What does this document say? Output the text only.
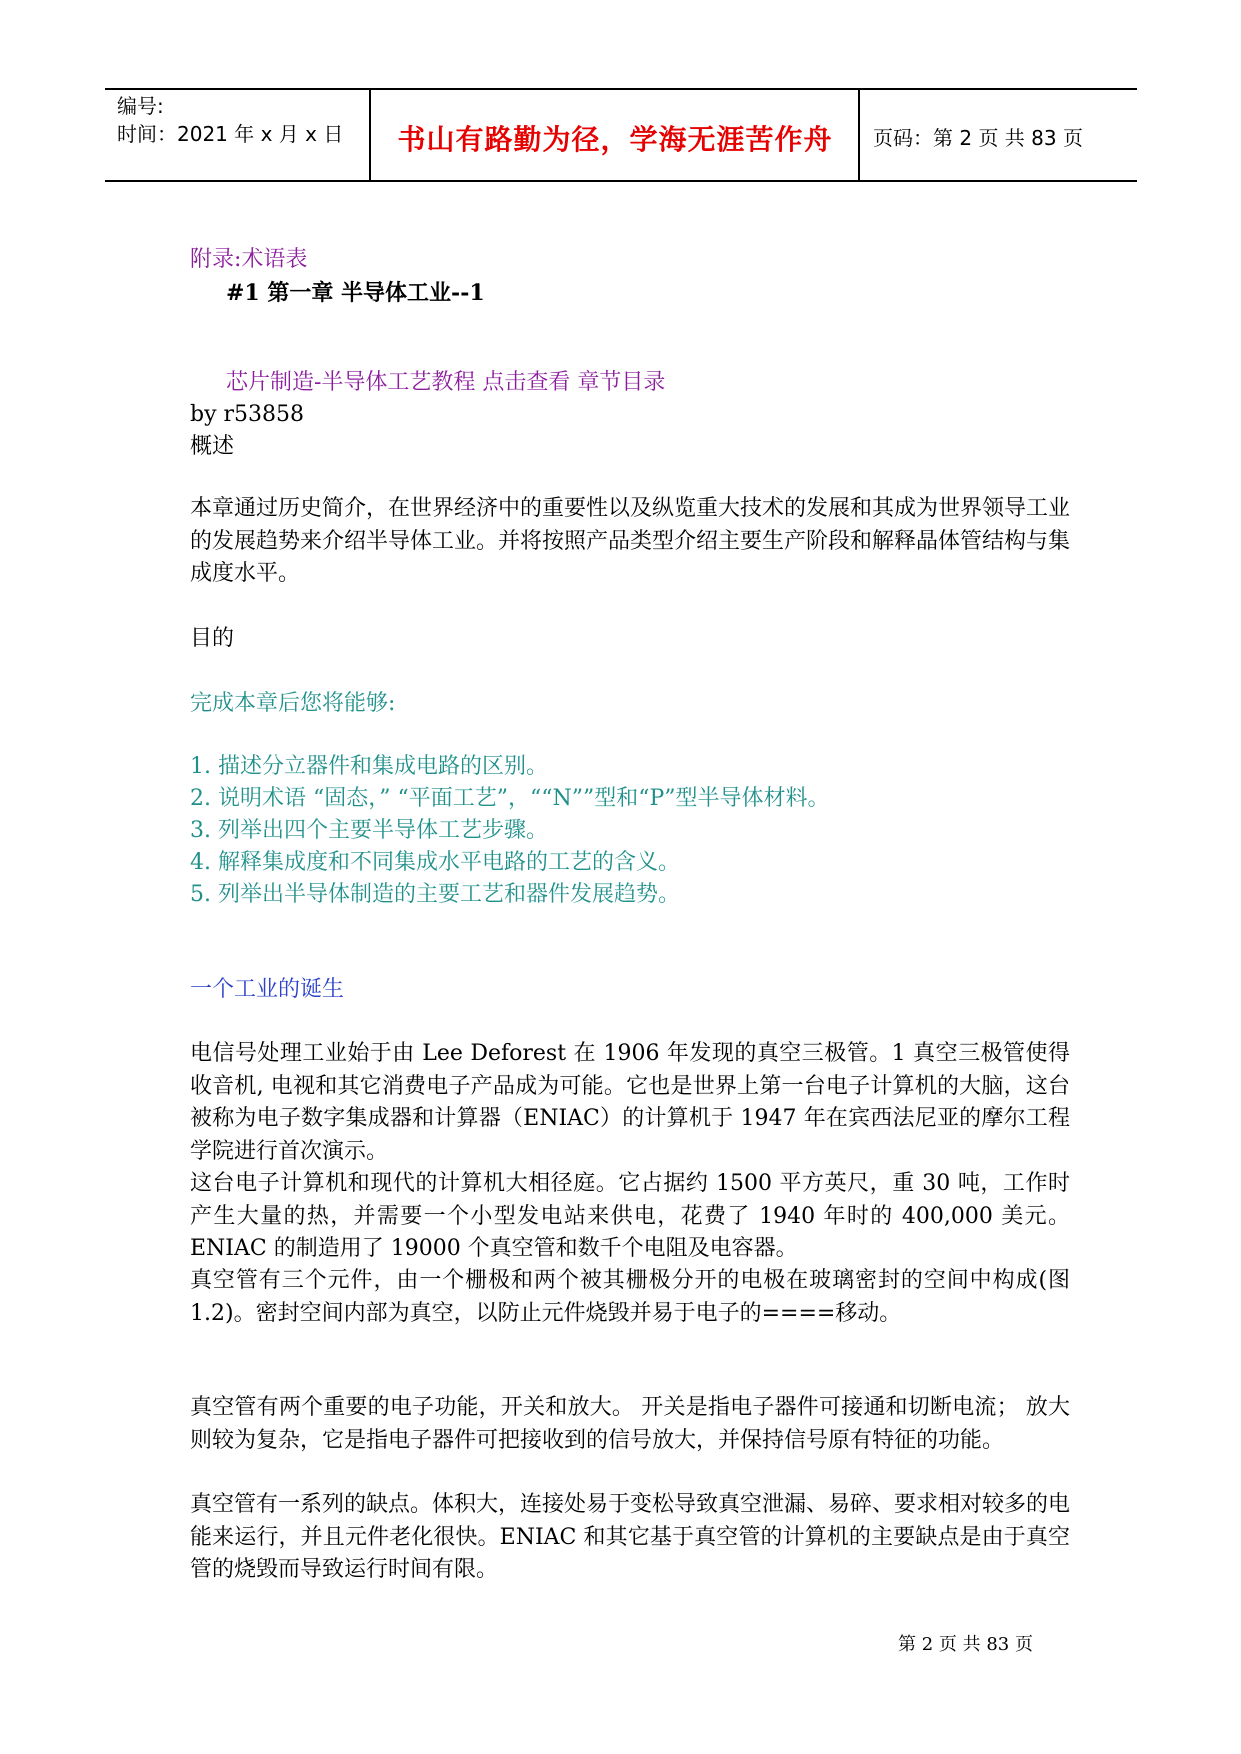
编号:
时间：2021 年 x 月 x 日	书山有路勤为径，学海无涯苦作舟	页码：第 2 页 共 83 页
附录:术语表
#1 第一章 半导体工业--1
芯片制造-半导体工艺教程 点击查看 章节目录
by r53858
概述

本章通过历史简介，在世界经济中的重要性以及纵览重大技术的发展和其成为世界领导工业的发展趋势来介绍半导体工业。并将按照产品类型介绍主要生产阶段和解释晶体管结构与集成度水平。

目的
完成本章后您将能够:
1. 描述分立器件和集成电路的区别。
2. 说明术语 “固态，” “平面工艺”，““N””型和“P”型半导体材料。
3. 列举出四个主要半导体工艺步骤。
4. 解释集成度和不同集成水平电路的工艺的含义。
5. 列举出半导体制造的主要工艺和器件发展趋势。
一个工业的诞生

电信号处理工业始于由 Lee Deforest 在 1906 年发现的真空三极管。1 真空三极管使得收音机, 电视和其它消费电子产品成为可能。它也是世界上第一台电子计算机的大脑，这台被称为电子数字集成器和计算器（ENIAC）的计算机于 1947 年在宾西法尼亚的摩尔工程学院进行首次演示。

这台电子计算机和现代的计算机大相径庭。它占据约 1500 平方英尺，重 30 吨，工作时产生大量的热，并需要一个小型发电站来供电，花费了 1940 年时的 400,000 美元。ENIAC 的制造用了 19000 个真空管和数千个电阻及电容器。

真空管有三个元件，由一个栅极和两个被其栅极分开的电极在玻璃密封的空间中构成(图 1.2)。密封空间内部为真空，以防止元件烧毁并易于电子的====移动。

真空管有两个重要的电子功能，开关和放大。 开关是指电子器件可接通和切断电流； 放大则较为复杂，它是指电子器件可把接收到的信号放大，并保持信号原有特征的功能。

真空管有一系列的缺点。体积大，连接处易于变松导致真空泄漏、易碎、要求相对较多的电能来运行，并且元件老化很快。ENIAC 和其它基于真空管的计算机的主要缺点是由于真空管的烧毁而导致运行时间有限。

第 2 页 共 83 页
